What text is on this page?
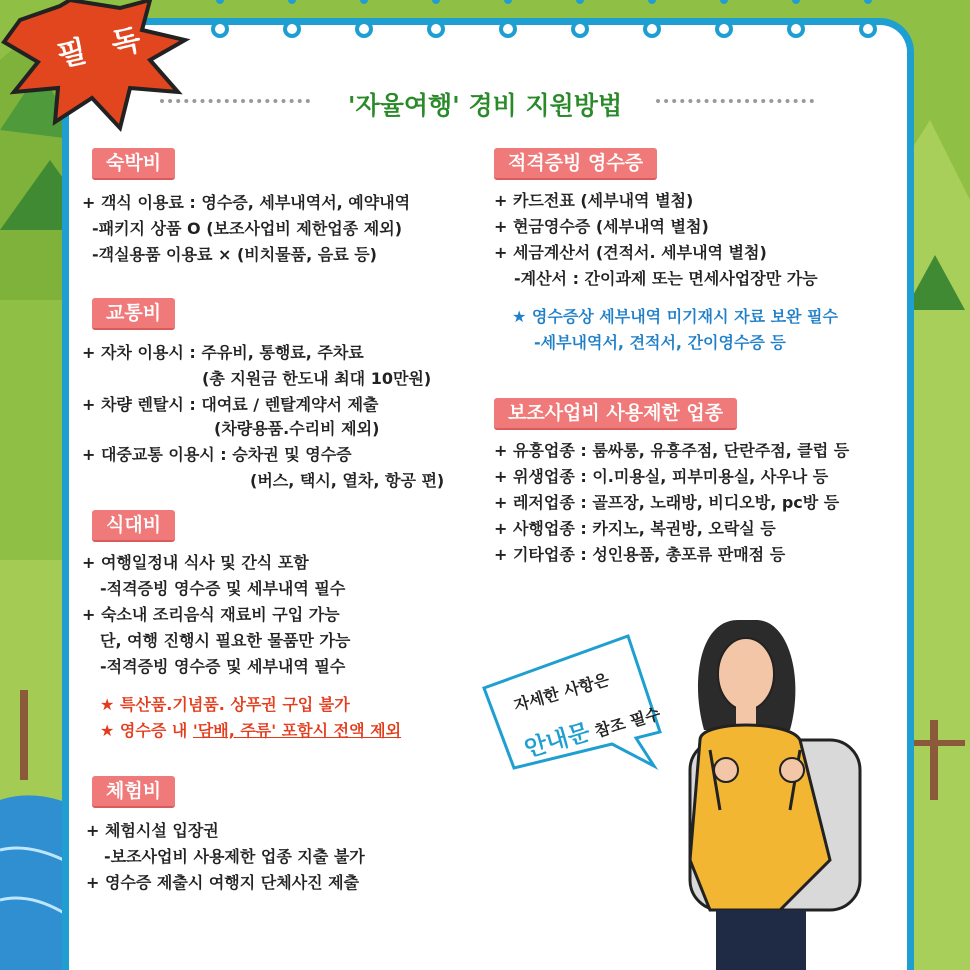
필 독
'자율여행' 경비 지원방법
숙박비
+ 객식 이용료 : 영수증, 세부내역서, 예약내역
-패키지 상품 O (보조사업비 제한업종 제외)
-객실용품 이용료 × (비치물품, 음료 등)
교통비
+ 자차 이용시 : 주유비, 통행료, 주차료
(총 지원금 한도내 최대 10만원)
+ 차량 렌탈시 : 대여료 / 렌탈계약서 제출
(차량용품.수리비 제외)
+ 대중교통 이용시 : 승차권 및 영수증
(버스, 택시, 열차, 항공 편)
식대비
+ 여행일정내 식사 및 간식 포함
-적격증빙 영수증 및 세부내역 필수
+ 숙소내 조리음식 재료비 구입 가능
단, 여행 진행시 필요한 물품만 가능
-적격증빙 영수증 및 세부내역 필수
★ 특산품.기념품. 상푸권 구입 불가
★ 영수증 내 '담배, 주류' 포함시 전액 제외
체험비
+ 체험시설 입장권
-보조사업비 사용제한 업종 지출 불가
+ 영수증 제출시 여행지 단체사진 제출
적격증빙 영수증
+ 카드전표 (세부내역 별첨)
+ 현금영수증 (세부내역 별첨)
+ 세금계산서 (견적서. 세부내역 별첨)
-계산서 : 간이과제 또는 면세사업장만 가능
★ 영수증상 세부내역 미기재시 자료 보완 필수
-세부내역서, 견적서, 간이영수증 등
보조사업비 사용제한 업종
+ 유흥업종 : 룸싸롱, 유흥주점, 단란주점, 클럽 등
+ 위생업종 : 이.미용실, 피부미용실, 사우나 등
+ 레저업종 : 골프장, 노래방, 비디오방, pc방 등
+ 사행업종 : 카지노, 복권방, 오락실 등
+ 기타업종 : 성인용품, 총포류 판매점 등
자세한 사항은
안내문 참조 필수
